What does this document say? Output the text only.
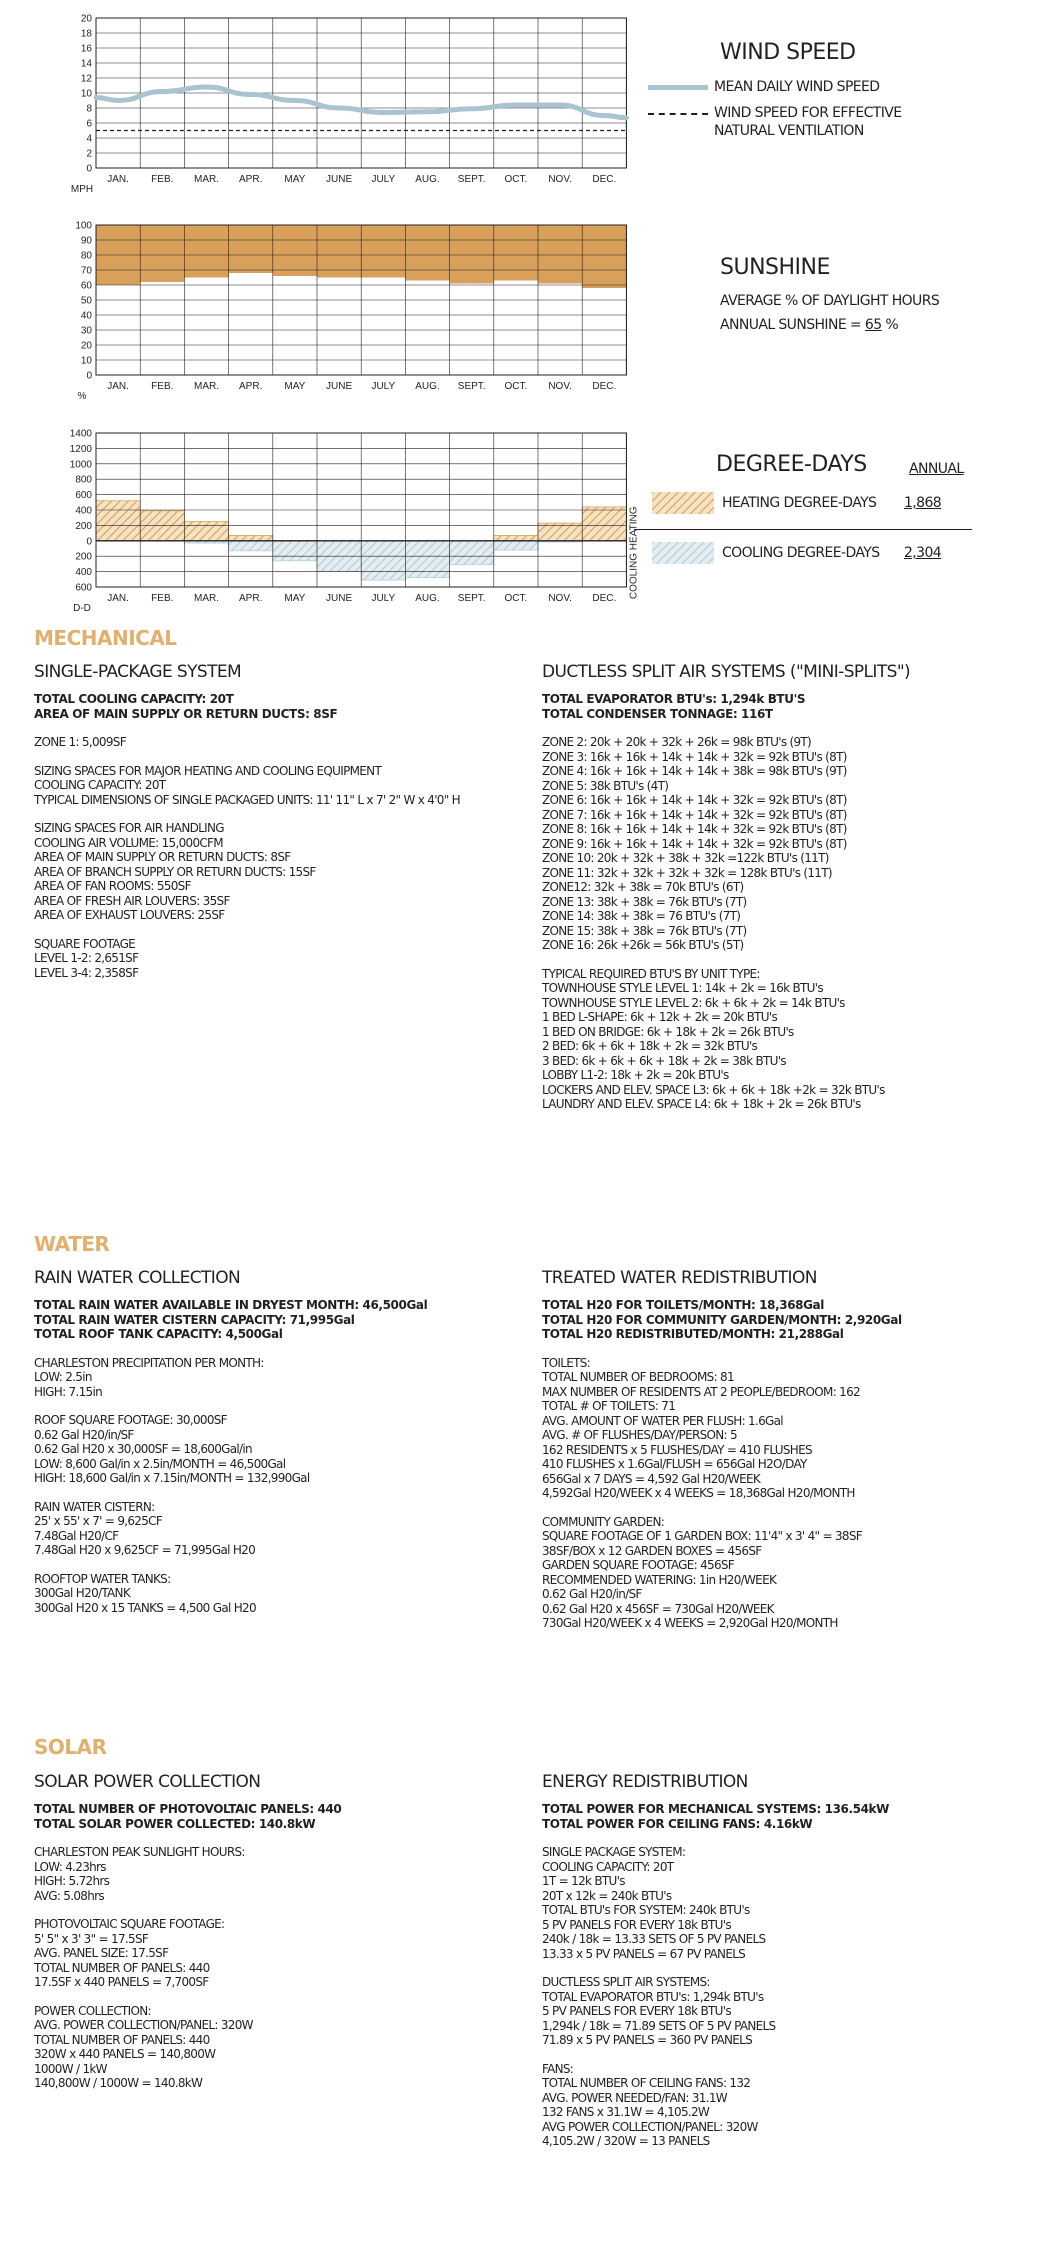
JAN. FEB. MAR. APR. MAY JUNE JULY AUG. SEPT. OCT. NOV. DEC.
MPH
0
2
4
6
8
10
12
14
16
18
20
JAN. FEB. MAR. APR. MAY JUNE JULY AUG. SEPT. OCT. NOV. DEC.
%
0
10
20
30
40
50
60
70
80
90
100
JAN. FEB. MAR. APR. MAY JUNE JULY AUG. SEPT. OCT. NOV. DEC.
D-D
0
200
400
600
800
1000
1200
1400
200
400
600	COOLING HEATING
WIND SPEED
MEAN DAILY WIND SPEED
WIND SPEED FOR EFFECTIVE
NATURAL VENTILATION
SUNSHINE
AVERAGE % OF DAYLIGHT HOURS
ANNUAL SUNSHINE = 65 %
DEGREE-DAYS	ANNUAL
HEATING DEGREE-DAYS	1,868
COOLING DEGREE-DAYS 2,304
MECHANICAL
SINGLE-PACKAGE SYSTEM
TOTAL COOLING CAPACITY: 20T
AREA OF MAIN SUPPLY OR RETURN DUCTS: 8SF
ZONE 1: 5,009SF
SIZING SPACES FOR MAJOR HEATING AND COOLING EQUIPMENT
COOLING CAPACITY: 20T
TYPICAL DIMENSIONS OF SINGLE PACKAGED UNITS: 11' 11" L x 7' 2" W x 4'0" H
SIZING SPACES FOR AIR HANDLING
COOLING AIR VOLUME: 15,000CFM
AREA OF MAIN SUPPLY OR RETURN DUCTS: 8SF
AREA OF BRANCH SUPPLY OR RETURN DUCTS: 15SF
AREA OF FAN ROOMS: 550SF
AREA OF FRESH AIR LOUVERS: 35SF
AREA OF EXHAUST LOUVERS: 25SF
SQUARE FOOTAGE
LEVEL 1-2: 2,651SF
LEVEL 3-4: 2,358SF
DUCTLESS SPLIT AIR SYSTEMS ("MINI-SPLITS")
TOTAL EVAPORATOR BTU's: 1,294k BTU'S
TOTAL CONDENSER TONNAGE: 116T
ZONE 2: 20k + 20k + 32k + 26k = 98k BTU's (9T)
ZONE 3: 16k + 16k + 14k + 14k + 32k = 92k BTU's (8T)
ZONE 4: 16k + 16k + 14k + 14k + 38k = 98k BTU's (9T)
ZONE 5: 38k BTU's (4T)
ZONE 6: 16k + 16k + 14k + 14k + 32k = 92k BTU's (8T)
ZONE 7: 16k + 16k + 14k + 14k + 32k = 92k BTU's (8T)
ZONE 8: 16k + 16k + 14k + 14k + 32k = 92k BTU's (8T)
ZONE 9: 16k + 16k + 14k + 14k + 32k = 92k BTU's (8T)
ZONE 10: 20k + 32k + 38k + 32k =122k BTU's (11T)
ZONE 11: 32k + 32k + 32k + 32k = 128k BTU's (11T)
ZONE12: 32k + 38k = 70k BTU's (6T)
ZONE 13: 38k + 38k = 76k BTU's (7T)
ZONE 14: 38k + 38k = 76 BTU's (7T)
ZONE 15: 38k + 38k = 76k BTU's (7T)
ZONE 16: 26k +26k = 56k BTU's (5T)
TYPICAL REQUIRED BTU'S BY UNIT TYPE:
TOWNHOUSE STYLE LEVEL 1: 14k + 2k = 16k BTU's
TOWNHOUSE STYLE LEVEL 2: 6k + 6k + 2k = 14k BTU's
1 BED L-SHAPE: 6k + 12k + 2k = 20k BTU's
1 BED ON BRIDGE: 6k + 18k + 2k = 26k BTU's
2 BED: 6k + 6k + 18k + 2k = 32k BTU's
3 BED: 6k + 6k + 6k + 18k + 2k = 38k BTU's
LOBBY L1-2: 18k + 2k = 20k BTU's
LOCKERS AND ELEV. SPACE L3: 6k + 6k + 18k +2k = 32k BTU's
LAUNDRY AND ELEV. SPACE L4: 6k + 18k + 2k = 26k BTU's
WATER
RAIN WATER COLLECTION
TOTAL RAIN WATER AVAILABLE IN DRYEST MONTH: 46,500Gal
TOTAL RAIN WATER CISTERN CAPACITY: 71,995Gal
TOTAL ROOF TANK CAPACITY: 4,500Gal
CHARLESTON PRECIPITATION PER MONTH:
LOW: 2.5in
HIGH: 7.15in
ROOF SQUARE FOOTAGE: 30,000SF
0.62 Gal H20/in/SF
0.62 Gal H20 x 30,000SF = 18,600Gal/in
LOW: 8,600 Gal/in x 2.5in/MONTH = 46,500Gal
HIGH: 18,600 Gal/in x 7.15in/MONTH = 132,990Gal
RAIN WATER CISTERN:
25' x 55' x 7' = 9,625CF
7.48Gal H20/CF
7.48Gal H20 x 9,625CF = 71,995Gal H20
ROOFTOP WATER TANKS:
300Gal H20/TANK
300Gal H20 x 15 TANKS = 4,500 Gal H20
TREATED WATER REDISTRIBUTION
TOTAL H20 FOR TOILETS/MONTH: 18,368Gal
TOTAL H20 FOR COMMUNITY GARDEN/MONTH: 2,920Gal
TOTAL H20 REDISTRIBUTED/MONTH: 21,288Gal
TOILETS:
TOTAL NUMBER OF BEDROOMS: 81
MAX NUMBER OF RESIDENTS AT 2 PEOPLE/BEDROOM: 162
TOTAL # OF TOILETS: 71
AVG. AMOUNT OF WATER PER FLUSH: 1.6Gal
AVG. # OF FLUSHES/DAY/PERSON: 5
162 RESIDENTS x 5 FLUSHES/DAY = 410 FLUSHES
410 FLUSHES x 1.6Gal/FLUSH = 656Gal H2O/DAY
656Gal x 7 DAYS = 4,592 Gal H20/WEEK
4,592Gal H20/WEEK x 4 WEEKS = 18,368Gal H20/MONTH
COMMUNITY GARDEN:
SQUARE FOOTAGE OF 1 GARDEN BOX: 11'4" x 3' 4" = 38SF
38SF/BOX x 12 GARDEN BOXES = 456SF
GARDEN SQUARE FOOTAGE: 456SF
RECOMMENDED WATERING: 1in H20/WEEK
0.62 Gal H20/in/SF
0.62 Gal H20 x 456SF = 730Gal H20/WEEK
730Gal H20/WEEK x 4 WEEKS = 2,920Gal H20/MONTH
SOLAR
SOLAR POWER COLLECTION
TOTAL NUMBER OF PHOTOVOLTAIC PANELS: 440
TOTAL SOLAR POWER COLLECTED: 140.8kW
CHARLESTON PEAK SUNLIGHT HOURS:
LOW: 4.23hrs
HIGH: 5.72hrs
AVG: 5.08hrs
PHOTOVOLTAIC SQUARE FOOTAGE:
5' 5" x 3' 3" = 17.5SF
AVG. PANEL SIZE: 17.5SF
TOTAL NUMBER OF PANELS: 440
17.5SF x 440 PANELS = 7,700SF
POWER COLLECTION:
AVG. POWER COLLECTION/PANEL: 320W
TOTAL NUMBER OF PANELS: 440
320W x 440 PANELS = 140,800W
1000W / 1kW
140,800W / 1000W = 140.8kW
ENERGY REDISTRIBUTION
TOTAL POWER FOR MECHANICAL SYSTEMS: 136.54kW
TOTAL POWER FOR CEILING FANS: 4.16kW
SINGLE PACKAGE SYSTEM:
COOLING CAPACITY: 20T
1T = 12k BTU's
20T x 12k = 240k BTU's
TOTAL BTU's FOR SYSTEM: 240k BTU's
5 PV PANELS FOR EVERY 18k BTU's
240k / 18k = 13.33 SETS OF 5 PV PANELS
13.33 x 5 PV PANELS = 67 PV PANELS
DUCTLESS SPLIT AIR SYSTEMS:
TOTAL EVAPORATOR BTU's: 1,294k BTU's
5 PV PANELS FOR EVERY 18k BTU's
1,294k / 18k = 71.89 SETS OF 5 PV PANELS
71.89 x 5 PV PANELS = 360 PV PANELS
FANS:
TOTAL NUMBER OF CEILING FANS: 132
AVG. POWER NEEDED/FAN: 31.1W
132 FANS x 31.1W = 4,105.2W
AVG POWER COLLECTION/PANEL: 320W
4,105.2W / 320W = 13 PANELS
